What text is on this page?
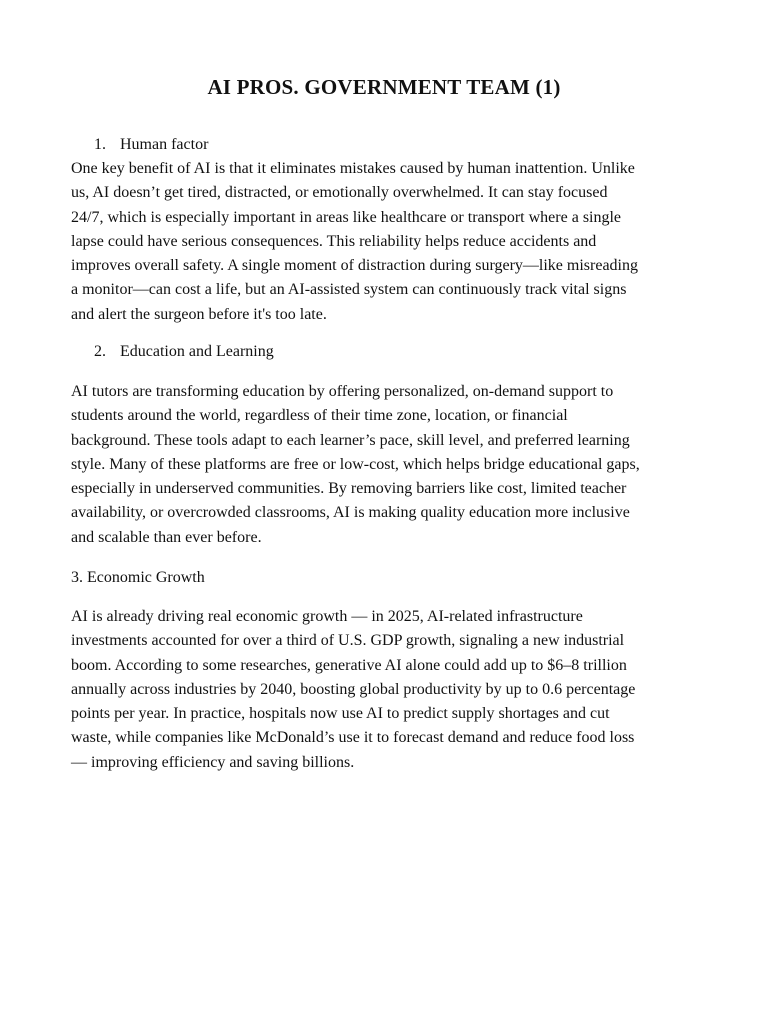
AI PROS. GOVERNMENT TEAM (1)
1. Human factor
One key benefit of AI is that it eliminates mistakes caused by human inattention. Unlike
us, AI doesn’t get tired, distracted, or emotionally overwhelmed. It can stay focused
24/7, which is especially important in areas like healthcare or transport where a single
lapse could have serious consequences. This reliability helps reduce accidents and
improves overall safety. A single moment of distraction during surgery—like misreading
a monitor—can cost a life, but an AI-assisted system can continuously track vital signs
and alert the surgeon before it's too late.
2. Education and Learning
AI tutors are transforming education by offering personalized, on-demand support to
students around the world, regardless of their time zone, location, or financial
background. These tools adapt to each learner’s pace, skill level, and preferred learning
style. Many of these platforms are free or low-cost, which helps bridge educational gaps,
especially in underserved communities. By removing barriers like cost, limited teacher
availability, or overcrowded classrooms, AI is making quality education more inclusive
and scalable than ever before.
3. Economic Growth
AI is already driving real economic growth — in 2025, AI-related infrastructure
investments accounted for over a third of U.S. GDP growth, signaling a new industrial
boom. According to some researches, generative AI alone could add up to $6–8 trillion
annually across industries by 2040, boosting global productivity by up to 0.6 percentage
points per year. In practice, hospitals now use AI to predict supply shortages and cut
waste, while companies like McDonald’s use it to forecast demand and reduce food loss
— improving efficiency and saving billions.
